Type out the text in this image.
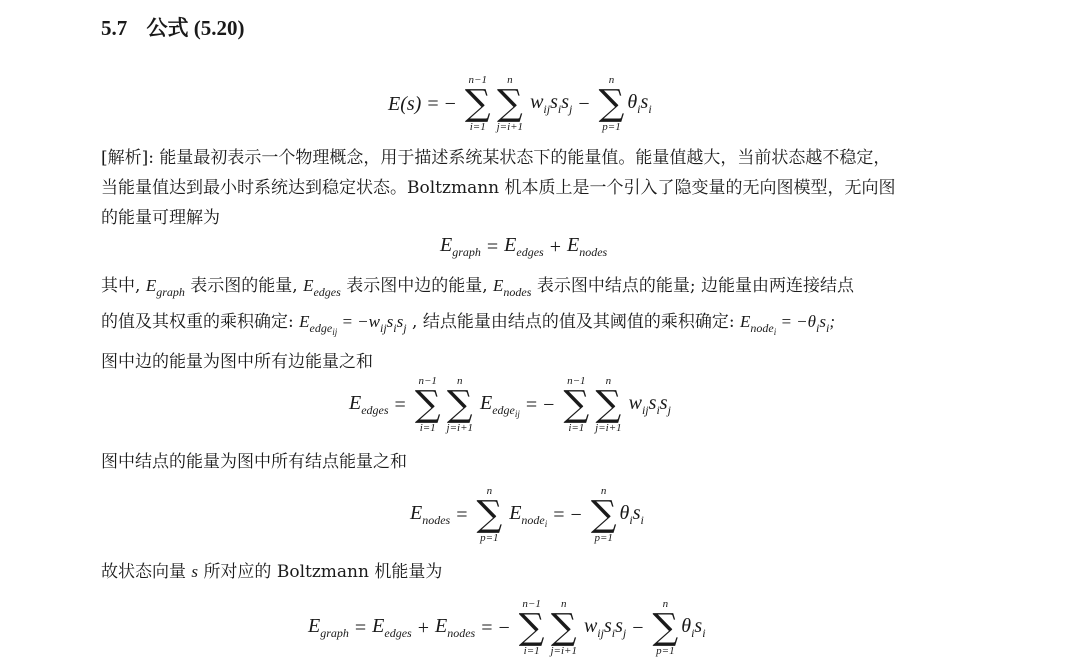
5.7 公式 (5.20)
E(s) = −
n−1
∑
i=1
n
∑
j=i+1
$w_{ij}s_is_j$ −
n
∑
p=1
$\theta_is_i$
[解析]: 能量最初表示一个物理概念，用于描述系统某状态下的能量值。能量值越大，当前状态越不稳定，
当能量值达到最小时系统达到稳定状态。Boltzmann 机本质上是一个引入了隐变量的无向图模型，无向图
的能量可理解为
$E_{graph} = E_{edges} + E_{nodes}$
其中, $E_{graph}$ 表示图的能量, $E_{edges}$ 表示图中边的能量, $E_{nodes}$ 表示图中结点的能量; 边能量由两连接结点
的值及其权重的乘积确定: $E_{edge_{ij}} = -w_{ij}s_is_j$ , 结点能量由结点的值及其阈值的乘积确定: $E_{node_i} = -\theta_is_i$;
图中边的能量为图中所有边能量之和
$E_{edges}$ =
n−1
∑
i=1
n
∑
j=i+1
$E_{edge_{ij}}$ = −
n−1
∑
i=1
n
∑
j=i+1
$w_{ij}s_is_j$
图中结点的能量为图中所有结点能量之和
$E_{nodes}$ =
n
∑
p=1
$E_{node_i}$ = −
n
∑
p=1
$\theta_is_i$
故状态向量 s 所对应的 Boltzmann 机能量为
$E_{graph} = E_{edges} + E_{nodes}$ = −
n−1
∑
i=1
n
∑
j=i+1
$w_{ij}s_is_j$ −
n
∑
p=1
$\theta_is_i$
